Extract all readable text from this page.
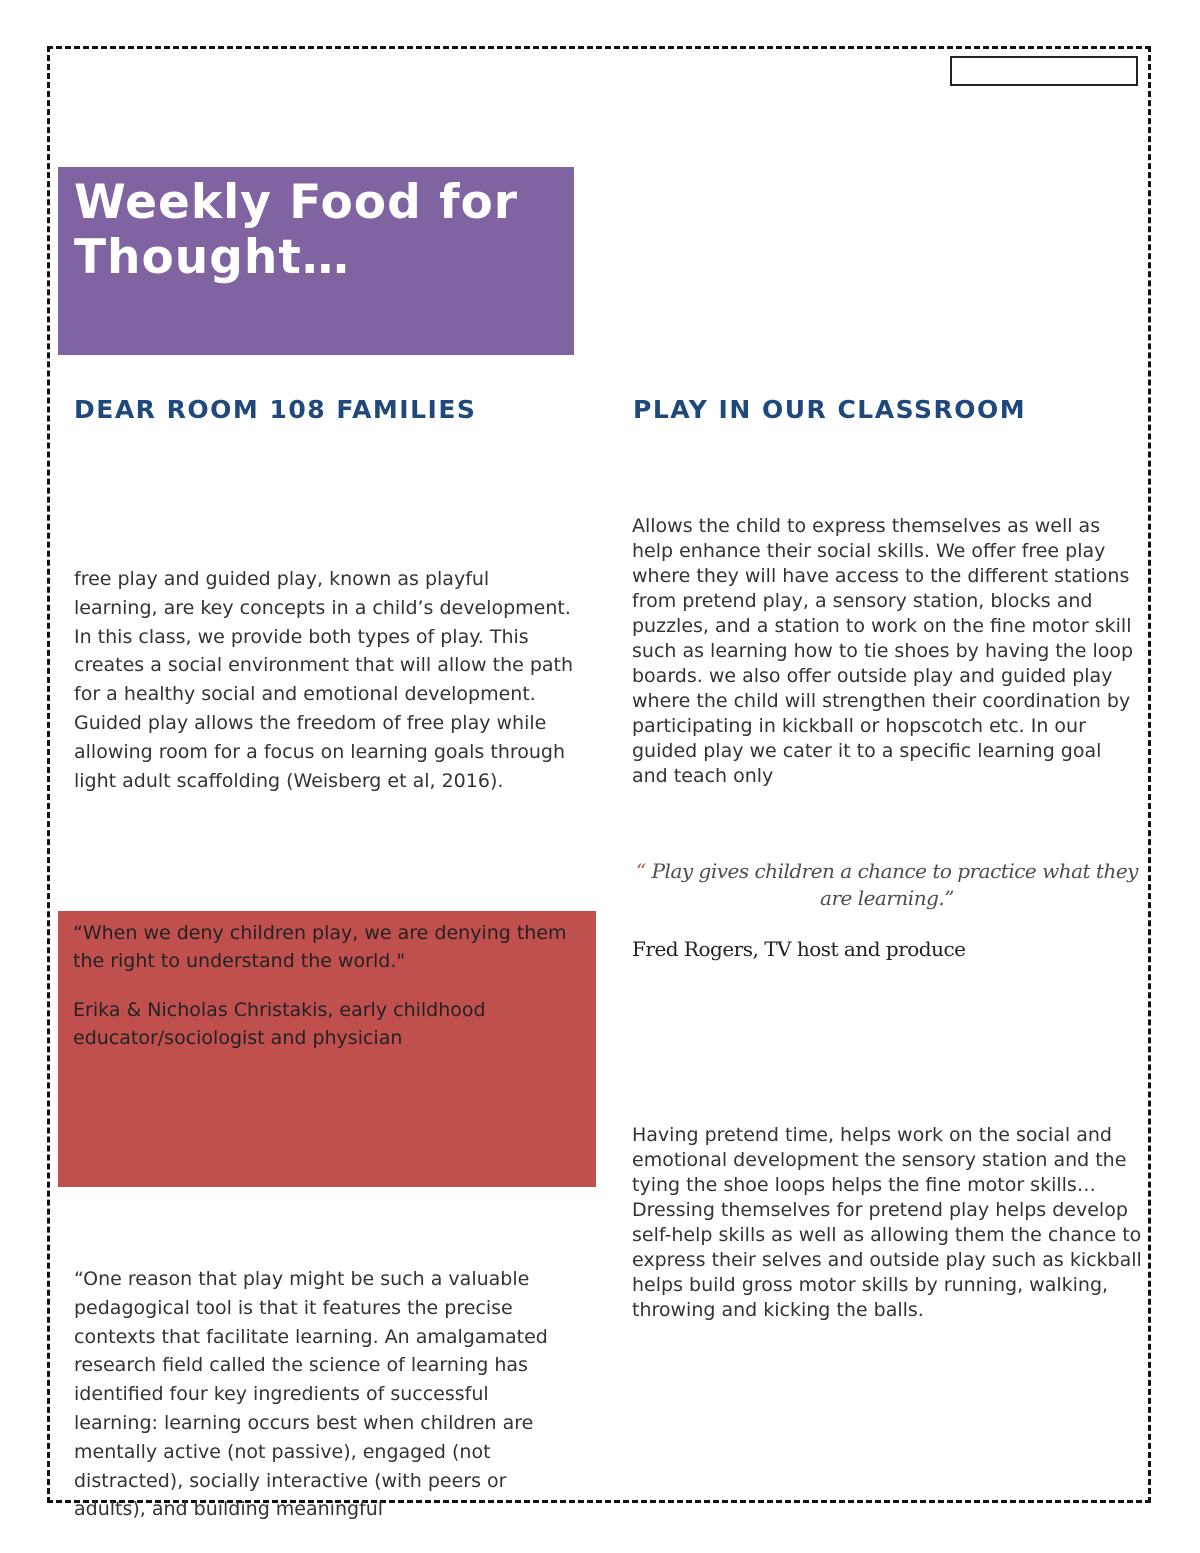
Weekly Food for
Thought…
DEAR ROOM 108 FAMILIES	PLAY IN OUR CLASSROOM
free play and guided play, known as playful learning, are key concepts in a child’s development. In this class, we provide both types of play. This creates a social environment that will allow the path for a healthy social and emotional development. Guided play allows the freedom of free play while allowing room for a focus on learning goals through light adult scaffolding (Weisberg et al, 2016).
Allows the child to express themselves as well as help enhance their social skills. We offer free play where they will have access to the different stations from pretend play, a sensory station, blocks and puzzles, and a station to work on the fine motor skill such as learning how to tie shoes by having the loop boards. we also offer outside play and guided play where the child will strengthen their coordination by participating in kickball or hopscotch etc. In our guided play we cater it to a specific learning goal and teach only

“When we deny children play, we are denying them the right to understand the world."

Erika & Nicholas Christakis, early childhood educator/sociologist and physician

“ Play gives children a chance to practice what they are learning.”
Fred Rogers, TV host and produce
Having pretend time, helps work on the social and emotional development the sensory station and the tying the shoe loops helps the fine motor skills… Dressing themselves for pretend play helps develop self-help skills as well as allowing them the chance to express their selves and outside play such as kickball helps build gross motor skills by running, walking, throwing and kicking the balls.
“One reason that play might be such a valuable pedagogical tool is that it features the precise contexts that facilitate learning. An amalgamated research field called the science of learning has identified four key ingredients of successful learning: learning occurs best when children are mentally active (not passive), engaged (not distracted), socially interactive (with peers or adults), and building meaningful
